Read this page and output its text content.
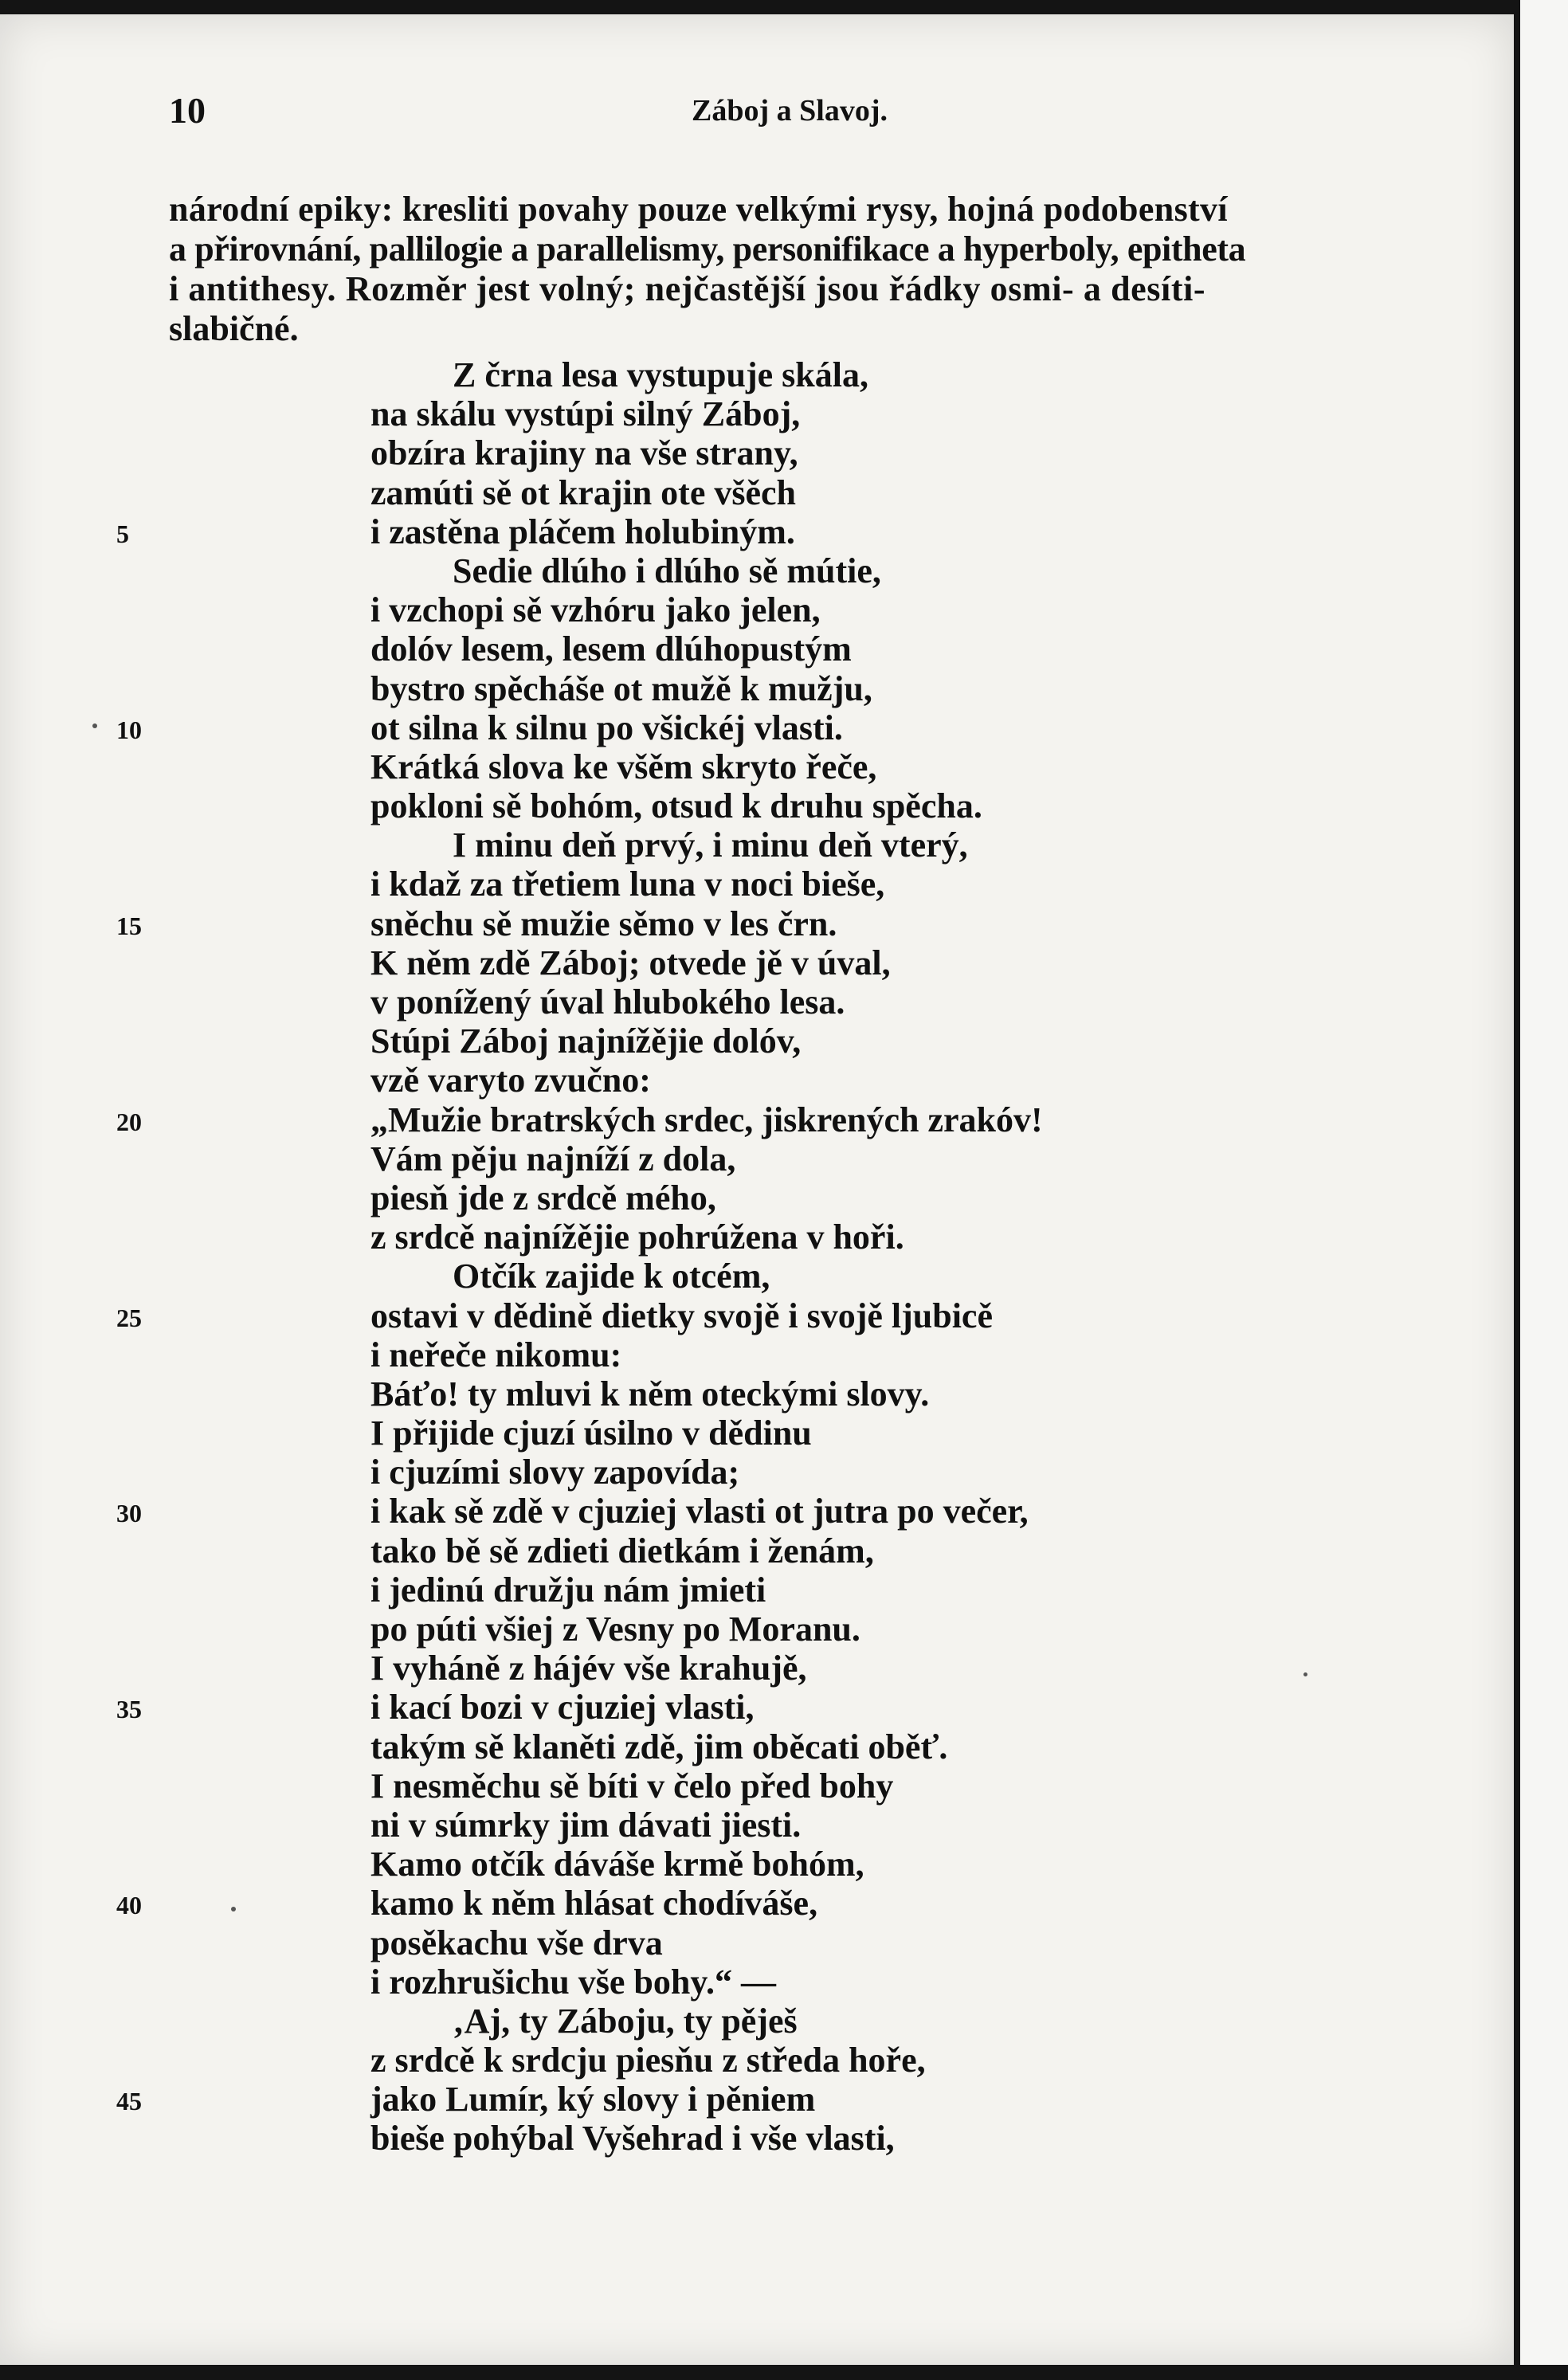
10	Záboj a Slavoj.
národní epiky: kresliti povahy pouze velkými rysy, hojná podobenství
a přirovnání, pallilogie a parallelismy, personifikace a hyperboly, epitheta
i antithesy. Rozměr jest volný; nejčastější jsou řádky osmi- a desíti-
slabičné.
Z črna lesa vystupuje skála,
na skálu vystúpi silný Záboj,
obzíra krajiny na vše strany,
zamúti sě ot krajin ote všěch
5	i zastěna pláčem holubiným.
Sedie dlúho i dlúho sě mútie,
i vzchopi sě vzhóru jako jelen,
dolóv lesem, lesem dlúhopustým
bystro spěcháše ot mužě k mužju,
10	ot silna k silnu po všickéj vlasti.
Krátká slova ke všěm skryto řeče,
pokloni sě bohóm, otsud k druhu spěcha.
I minu deň prvý, i minu deň vterý,
i kdaž za třetiem luna v noci bieše,
15	sněchu sě mužie sěmo v les črn.
K něm zdě Záboj; otvede jě v úval,
v ponížený úval hlubokého lesa.
Stúpi Záboj najnížějie dolóv,
vzě varyto zvučno:
20	„Mužie bratrských srdec, jiskrených zrakóv!
Vám pěju najníží z dola,
piesň jde z srdcě mého,
z srdcě najnížějie pohrúžena v hoři.
Otčík zajide k otcém,
25	ostavi v dědině dietky svojě i svojě ljubicě
i neřeče nikomu:
Báťo! ty mluvi k něm oteckými slovy.
I přijide cjuzí úsilno v dědinu
i cjuzími slovy zapovída;
30	i kak sě zdě v cjuziej vlasti ot jutra po večer,
tako bě sě zdieti dietkám i ženám,
i jedinú družju nám jmieti
po púti všiej z Vesny po Moranu.
I vyháně z hájév vše krahujě,
35	i kací bozi v cjuziej vlasti,
takým sě klaněti zdě, jim oběcati oběť.
I nesměchu sě bíti v čelo před bohy
ni v súmrky jim dávati jiesti.
Kamo otčík dáváše krmě bohóm,
40	kamo k něm hlásat chodíváše,
posěkachu vše drva
i rozhrušichu vše bohy.“ —
‚Aj, ty Záboju, ty pěješ
z srdcě k srdcju piesňu z středa hoře,
45	jako Lumír, ký slovy i pěniem
bieše pohýbal Vyšehrad i vše vlasti,
